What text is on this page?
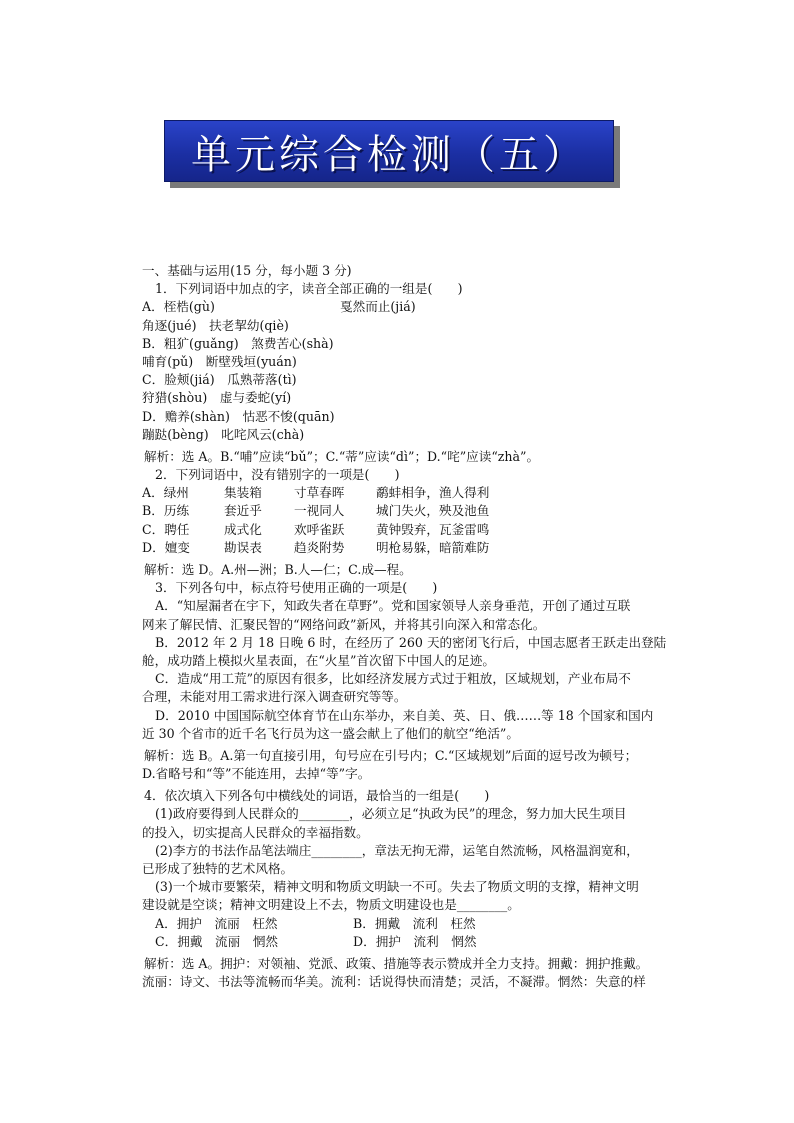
单元综合检测（五）
一、基础与运用(15 分，每小题 3 分)
1．下列词语中加点的字，读音全部正确的一组是(　　)
A．桎梏(gù)	戛然而止(jiá)
角逐(jué)　扶老挈幼(qiè)
B．粗犷(guǎng)　煞费苦心(shà)
哺育(pǔ)　断壁残垣(yuán)
C．脸颊(jiá)　瓜熟蒂落(tì)
狩猎(shòu)　虚与委蛇(yí)
D．赡养(shàn)　怙恶不悛(quān)
蹦跶(bèng)　叱咤风云(chà)
解析：选 A。B.“哺”应读“bǔ”；C.“蒂”应读“dì”；D.“咤”应读“zhà”。
2．下列词语中，没有错别字的一项是(　　)
A．绿州	集装箱	寸草春晖	鹬蚌相争，渔人得利
B．历练	套近乎	一视同人	城门失火，殃及池鱼
C．聘任	成式化	欢呼雀跃	黄钟毁弃，瓦釜雷鸣
D．嬗变	勘误表	趋炎附势	明枪易躲，暗箭难防
解析：选 D。A.州—洲；B.人—仁；C.成—程。
3．下列各句中，标点符号使用正确的一项是(　　)
A．“知屋漏者在宇下，知政失者在草野”。党和国家领导人亲身垂范，开创了通过互联
网来了解民情、汇聚民智的“网络问政”新风，并将其引向深入和常态化。
B．2012 年 2 月 18 日晚 6 时，在经历了 260 天的密闭飞行后，中国志愿者王跃走出登陆
舱，成功踏上模拟火星表面，在“火星”首次留下中国人的足迹。
C．造成“用工荒”的原因有很多，比如经济发展方式过于粗放，区域规划，产业布局不
合理，未能对用工需求进行深入调查研究等等。
D．2010 中国国际航空体育节在山东举办，来自美、英、日、俄……等 18 个国家和国内
近 30 个省市的近千名飞行员为这一盛会献上了他们的航空“绝活”。
解析：选 B。A.第一句直接引用，句号应在引号内；C.“区域规划”后面的逗号改为顿号；
D.省略号和“等”不能连用，去掉“等”字。
4．依次填入下列各句中横线处的词语，最恰当的一组是(　　)
(1)政府要得到人民群众的________，必须立足“执政为民”的理念，努力加大民生项目
的投入，切实提高人民群众的幸福指数。
(2)李方的书法作品笔法端庄________，章法无拘无滞，运笔自然流畅，风格温润宽和，
已形成了独特的艺术风格。
(3)一个城市要繁荣，精神文明和物质文明缺一不可。失去了物质文明的支撑，精神文明
建设就是空谈；精神文明建设上不去，物质文明建设也是________。
A．拥护　流丽　枉然	B．拥戴　流利　枉然
C．拥戴　流丽　惘然	D．拥护　流利　惘然
解析：选 A。拥护：对领袖、党派、政策、措施等表示赞成并全力支持。拥戴：拥护推戴。
流丽：诗文、书法等流畅而华美。流利：话说得快而清楚；灵活，不凝滞。惘然：失意的样
